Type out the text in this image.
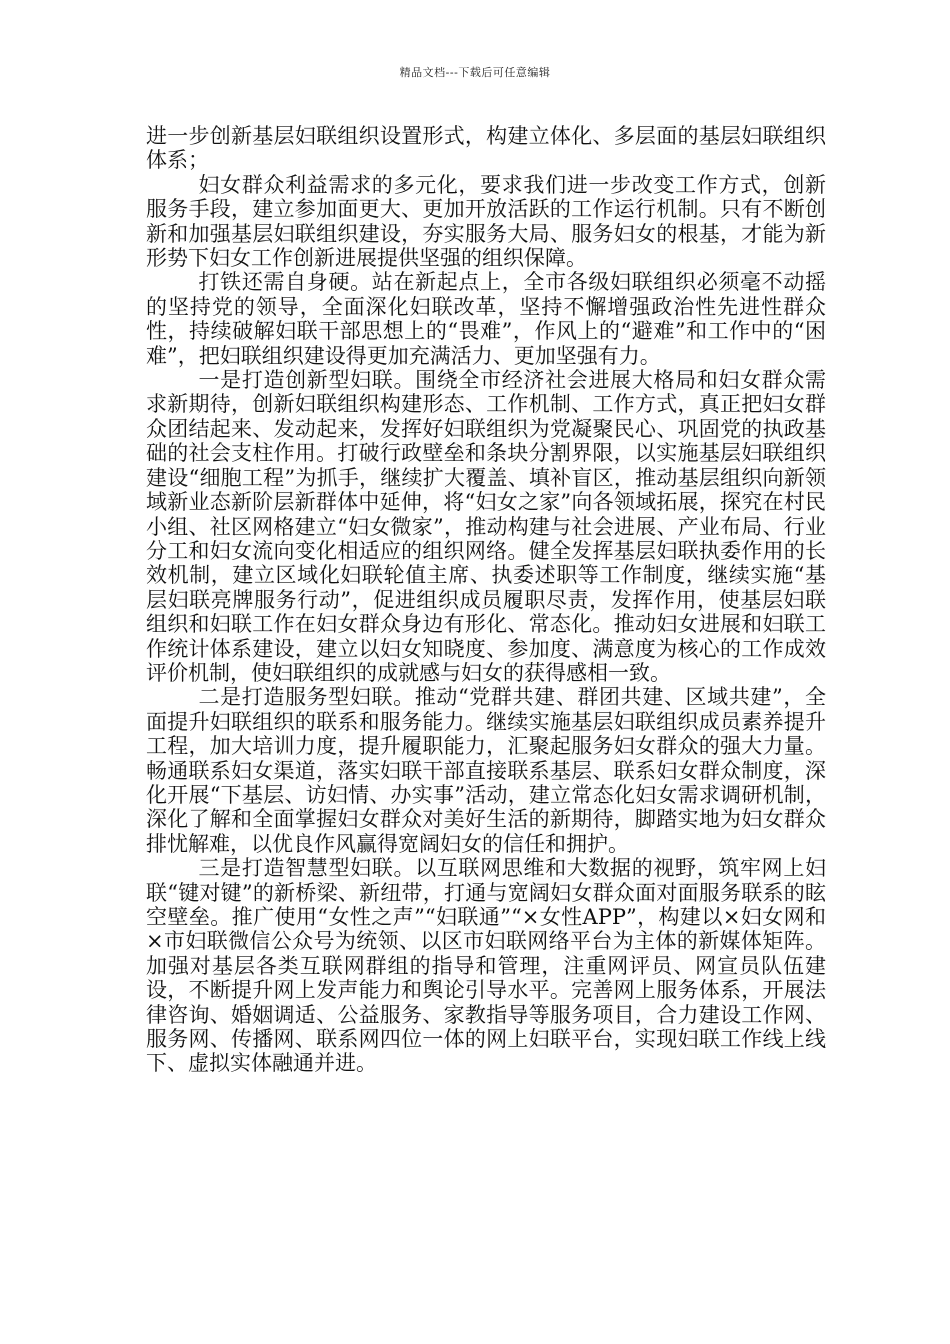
精品文档---下载后可任意编辑

进一步创新基层妇联组织设置形式，构建立体化、多层面的基层妇联组织体系；

妇女群众利益需求的多元化，要求我们进一步改变工作方式，创新服务手段，建立参加面更大、更加开放活跃的工作运行机制。只有不断创新和加强基层妇联组织建设，夯实服务大局、服务妇女的根基，才能为新形势下妇女工作创新进展提供坚强的组织保障。

打铁还需自身硬。站在新起点上，全市各级妇联组织必须毫不动摇的坚持党的领导，全面深化妇联改革，坚持不懈增强政治性先进性群众性，持续破解妇联干部思想上的“畏难”，作风上的“避难”和工作中的“困难”，把妇联组织建设得更加充满活力、更加坚强有力。

一是打造创新型妇联。围绕全市经济社会进展大格局和妇女群众需求新期待，创新妇联组织构建形态、工作机制、工作方式，真正把妇女群众团结起来、发动起来，发挥好妇联组织为党凝聚民心、巩固党的执政基础的社会支柱作用。打破行政壁垒和条块分割界限，以实施基层妇联组织建设“细胞工程”为抓手，继续扩大覆盖、填补盲区，推动基层组织向新领域新业态新阶层新群体中延伸，将“妇女之家”向各领域拓展，探究在村民小组、社区网格建立“妇女微家”，推动构建与社会进展、产业布局、行业分工和妇女流向变化相适应的组织网络。健全发挥基层妇联执委作用的长效机制，建立区域化妇联轮值主席、执委述职等工作制度，继续实施“基层妇联亮牌服务行动”，促进组织成员履职尽责，发挥作用，使基层妇联组织和妇联工作在妇女群众身边有形化、常态化。推动妇女进展和妇联工作统计体系建设，建立以妇女知晓度、参加度、满意度为核心的工作成效评价机制，使妇联组织的成就感与妇女的获得感相一致。

二是打造服务型妇联。推动“党群共建、群团共建、区域共建”，全面提升妇联组织的联系和服务能力。继续实施基层妇联组织成员素养提升工程，加大培训力度，提升履职能力，汇聚起服务妇女群众的强大力量。畅通联系妇女渠道，落实妇联干部直接联系基层、联系妇女群众制度，深化开展“下基层、访妇情、办实事”活动，建立常态化妇女需求调研机制，深化了解和全面掌握妇女群众对美好生活的新期待，脚踏实地为妇女群众排忧解难，以优良作风赢得宽阔妇女的信任和拥护。

三是打造智慧型妇联。以互联网思维和大数据的视野，筑牢网上妇联“键对键”的新桥梁、新纽带，打通与宽阔妇女群众面对面服务联系的眩空壁垒。推广使用“女性之声”“妇联通”“×女性APP”，构建以×妇女网和×市妇联微信公众号为统领、以区市妇联网络平台为主体的新媒体矩阵。加强对基层各类互联网群组的指导和管理，注重网评员、网宣员队伍建设，不断提升网上发声能力和舆论引导水平。完善网上服务体系，开展法律咨询、婚姻调适、公益服务、家教指导等服务项目，合力建设工作网、服务网、传播网、联系网四位一体的网上妇联平台，实现妇联工作线上线下、虚拟实体融通并进。
